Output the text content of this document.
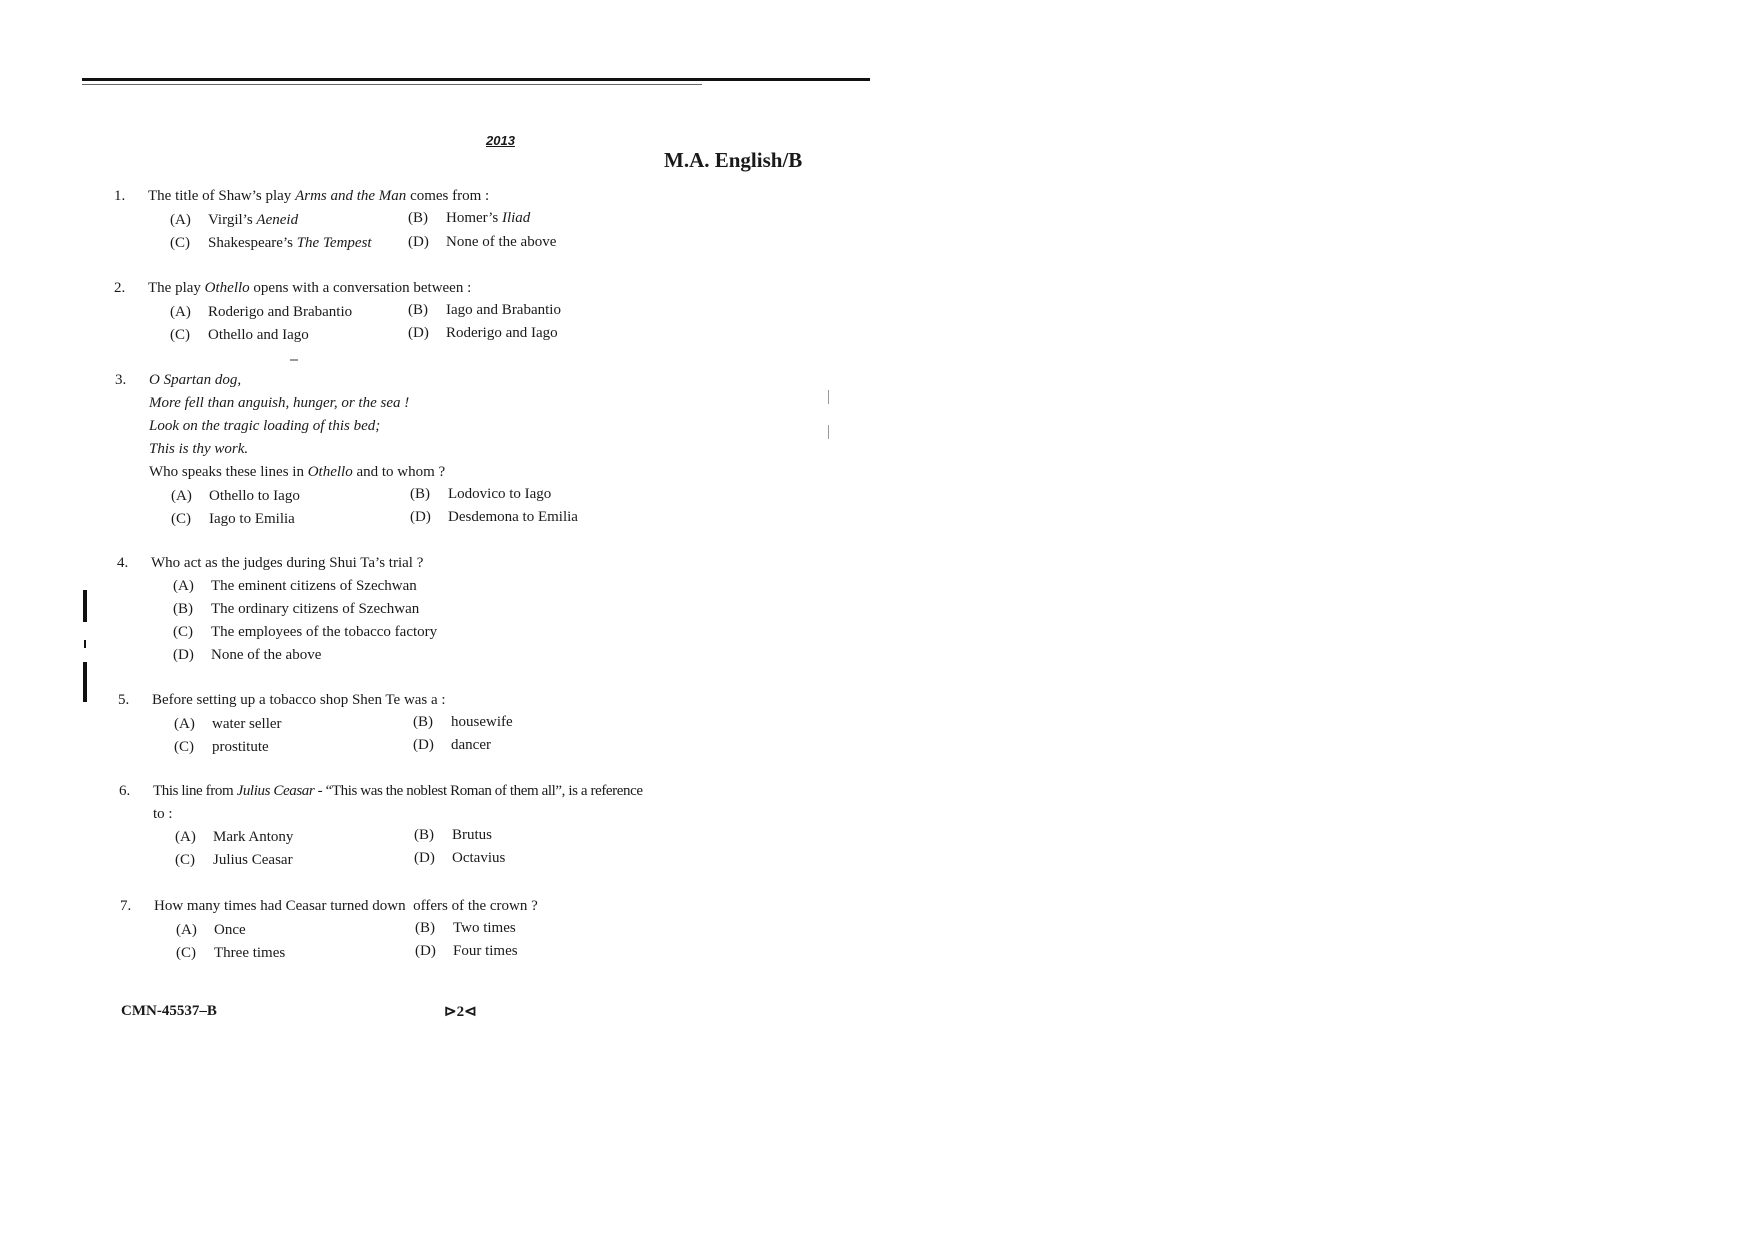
2013
M.A. English/B
1. The title of Shaw’s play Arms and the Man comes from :
(A) Virgil’s Aeneid	(B) Homer’s Iliad
(C) Shakespeare’s The Tempest (D) None of the above
2. The play Othello opens with a conversation between :
(A) Roderigo and Brabantio	(B) Iago and Brabantio
(C) Othello and Iago	(D) Roderigo and Iago
3. O Spartan dog,
More fell than anguish, hunger, or the sea !
Look on the tragic loading of this bed;
This is thy work.
Who speaks these lines in Othello and to whom ?
(A) Othello to Iago	(B) Lodovico to Iago
(C) Iago to Emilia	(D) Desdemona to Emilia
4. Who act as the judges during Shui Ta’s trial ?
(A) The eminent citizens of Szechwan
(B) The ordinary citizens of Szechwan
(C) The employees of the tobacco factory
(D) None of the above
5. Before setting up a tobacco shop Shen Te was a :
(A) water seller	(B) housewife
(C) prostitute	(D) dancer
6. This line from Julius Ceasar - “This was the noblest Roman of them all”, is a reference
to :
(A) Mark Antony	(B) Brutus
(C) Julius Ceasar	(D) Octavius
7. How many times had Ceasar turned down  offers of the crown ?
(A) Once	(B) Two times
(C) Three times	(D) Four times
CMN-45537–B	⊳2⊲
